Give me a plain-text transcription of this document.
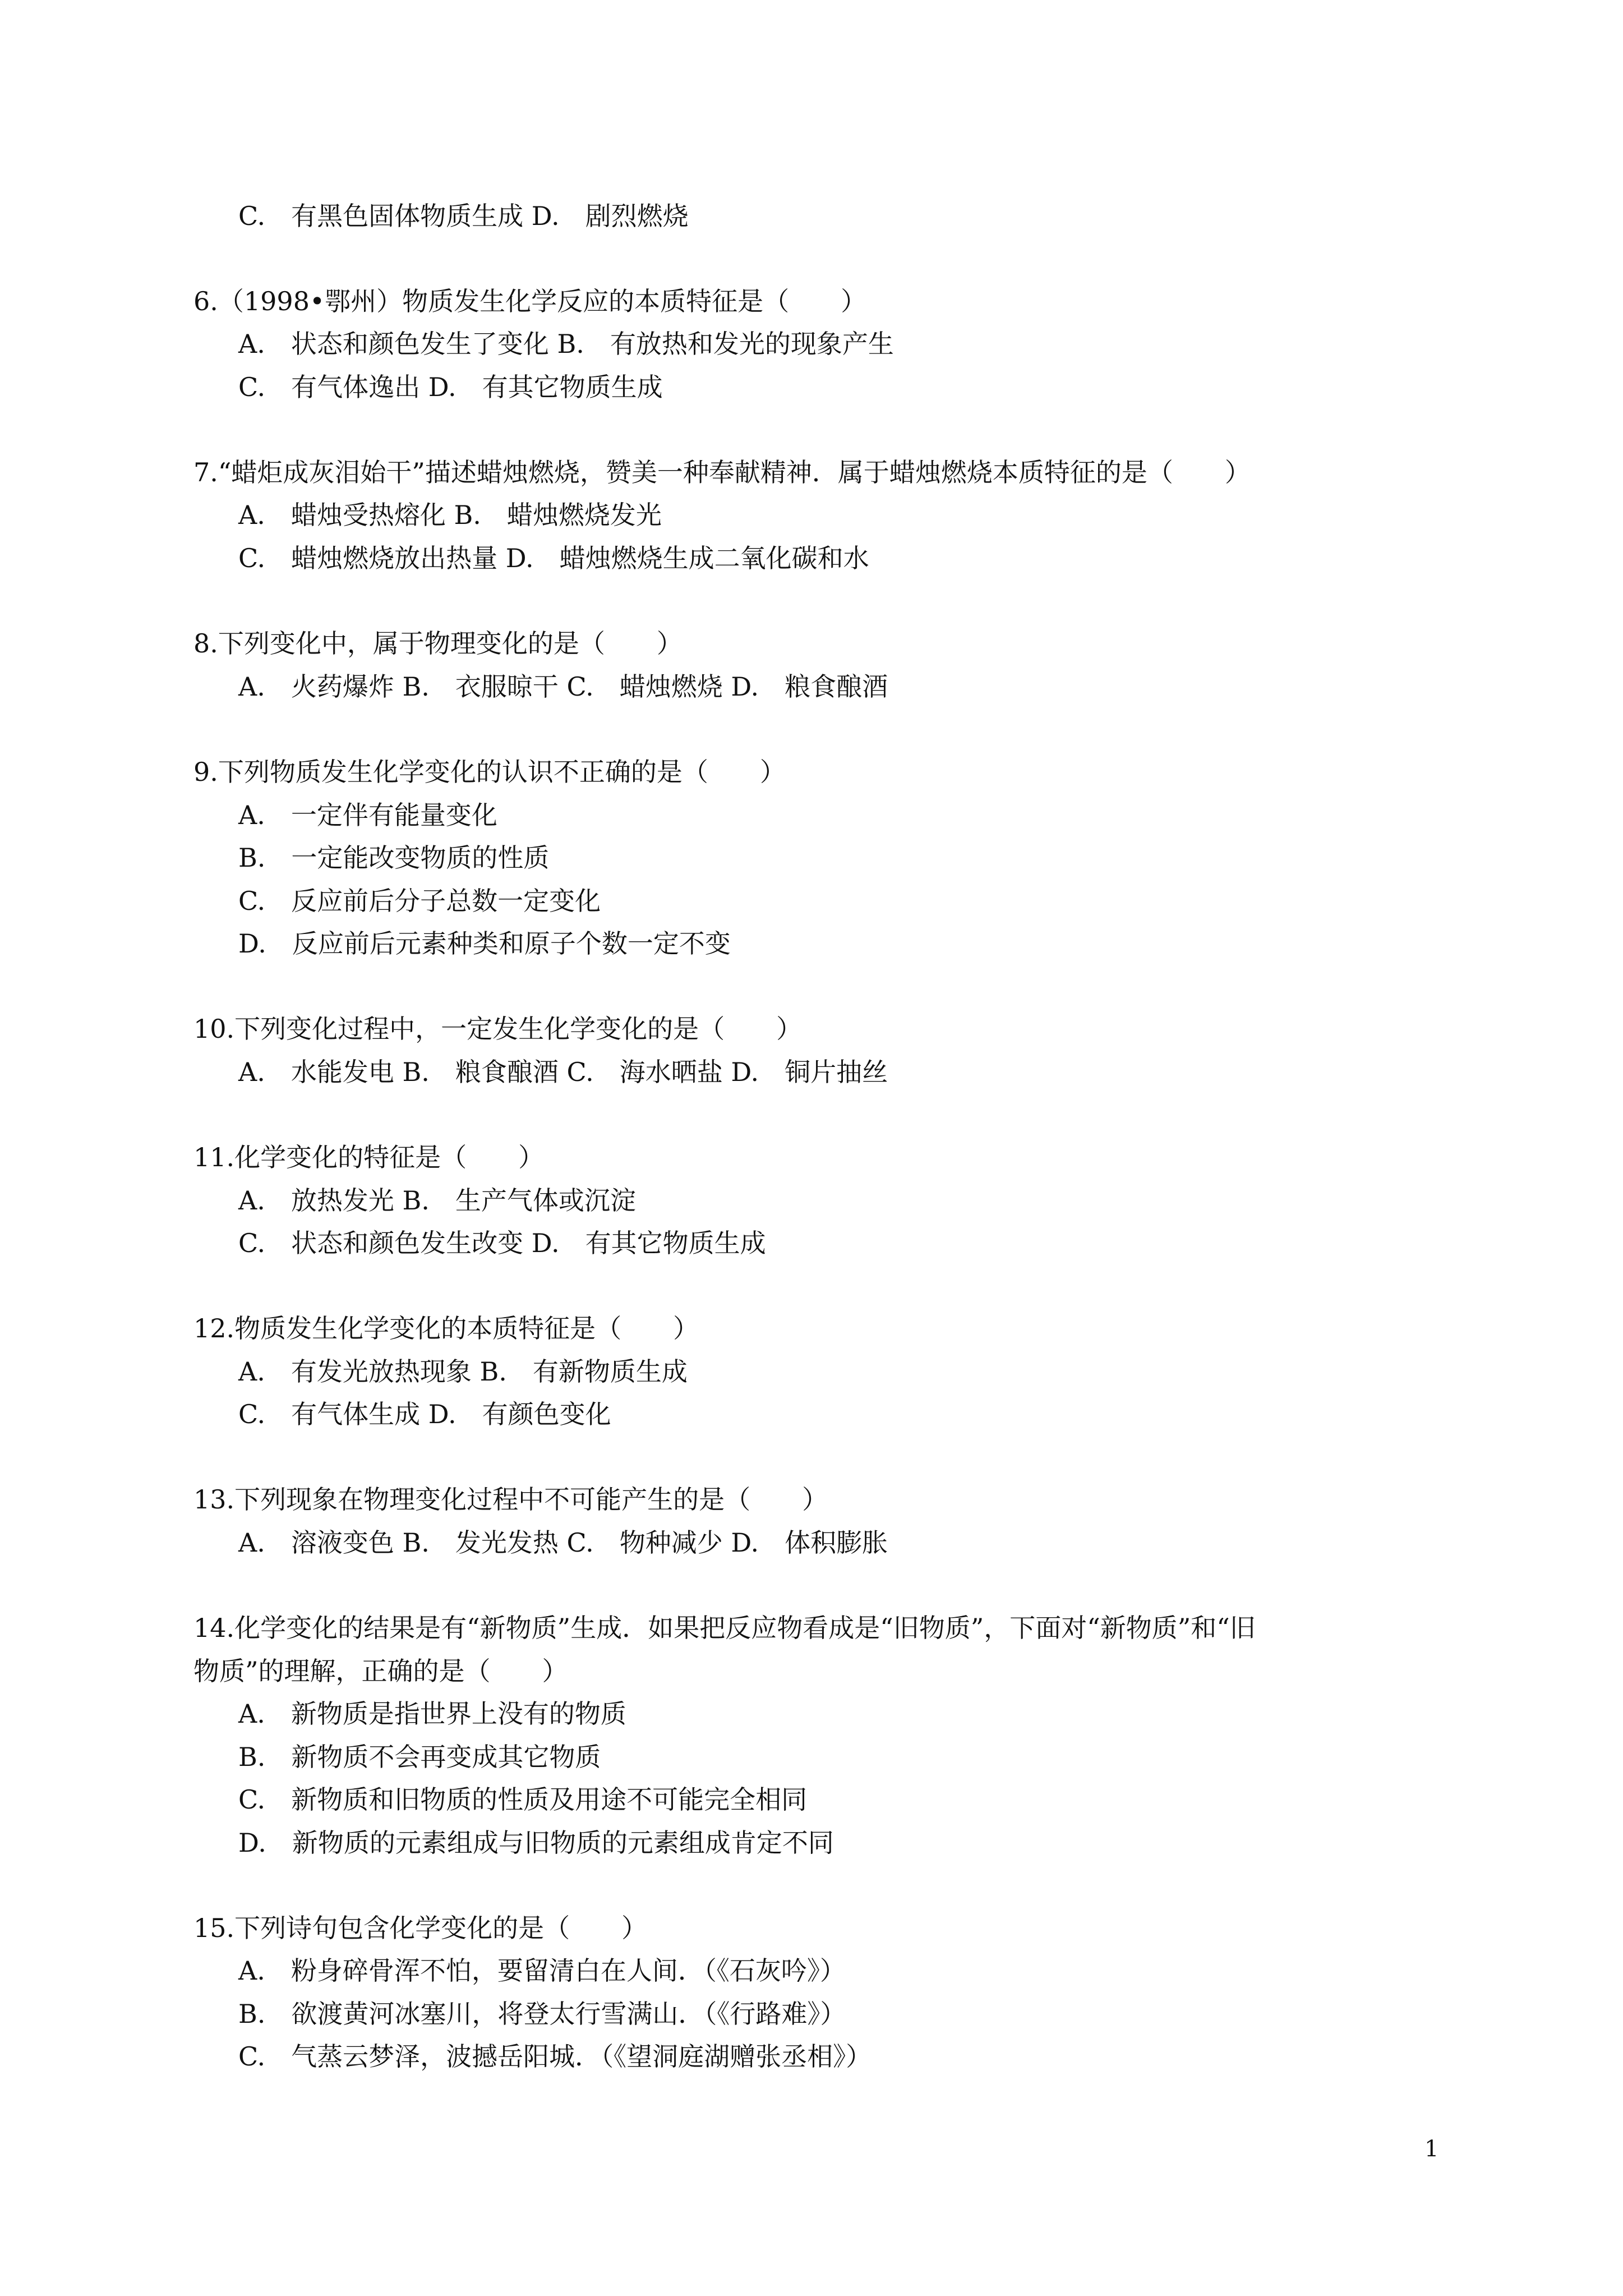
C.　有黑色固体物质生成 D.　剧烈燃烧
6.（1998•鄂州）物质发生化学反应的本质特征是（　　）
A.　状态和颜色发生了变化 B.　有放热和发光的现象产生
C.　有气体逸出 D.　有其它物质生成
7.“蜡炬成灰泪始干”描述蜡烛燃烧，赞美一种奉献精神．属于蜡烛燃烧本质特征的是（　　）
A.　蜡烛受热熔化 B.　蜡烛燃烧发光
C.　蜡烛燃烧放出热量 D.　蜡烛燃烧生成二氧化碳和水
8.下列变化中，属于物理变化的是（　　）
A.　火药爆炸 B.　衣服晾干 C.　蜡烛燃烧 D.　粮食酿酒
9.下列物质发生化学变化的认识不正确的是（　　）
A.　一定伴有能量变化
B.　一定能改变物质的性质
C.　反应前后分子总数一定变化
D.　反应前后元素种类和原子个数一定不变
10.下列变化过程中，一定发生化学变化的是（　　）
A.　水能发电 B.　粮食酿酒 C.　海水晒盐 D.　铜片抽丝
11.化学变化的特征是（　　）
A.　放热发光 B.　生产气体或沉淀
C.　状态和颜色发生改变 D.　有其它物质生成
12.物质发生化学变化的本质特征是（　　）
A.　有发光放热现象 B.　有新物质生成
C.　有气体生成 D.　有颜色变化
13.下列现象在物理变化过程中不可能产生的是（　　）
A.　溶液变色 B.　发光发热 C.　物种减少 D.　体积膨胀
14.化学变化的结果是有“新物质”生成．如果把反应物看成是“旧物质”，下面对“新物质”和“旧
物质”的理解，正确的是（　　）
A.　新物质是指世界上没有的物质
B.　新物质不会再变成其它物质
C.　新物质和旧物质的性质及用途不可能完全相同
D.　新物质的元素组成与旧物质的元素组成肯定不同
15.下列诗句包含化学变化的是（　　）
A.　粉身碎骨浑不怕，要留清白在人间．（《石灰吟》）
B.　欲渡黄河冰塞川，将登太行雪满山．（《行路难》）
C.　气蒸云梦泽，波撼岳阳城．（《望洞庭湖赠张丞相》）
1
